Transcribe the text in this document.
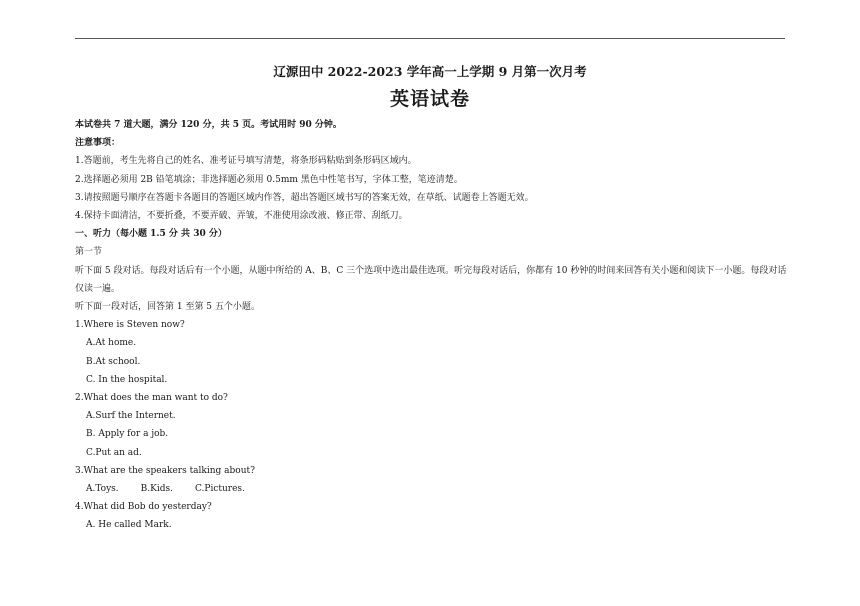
辽源田中 2022-2023 学年高一上学期 9 月第一次月考
英语试卷

本试卷共 7 道大题，满分 120 分，共 5 页。考试用时 90 分钟。

注意事项：

1.答题前，考生先将自己的姓名、准考证号填写清楚，将条形码粘贴到条形码区域内。

2.选择题必须用 2B 铅笔填涂；非选择题必须用 0.5mm 黑色中性笔书写，字体工整，笔迹清楚。

3.请按照题号顺序在答题卡各题目的答题区域内作答，超出答题区域书写的答案无效，在草纸、试题卷上答题无效。

4.保持卡面清洁，不要折叠，不要弄破、弄皱，不准使用涂改液、修正带、刮纸刀。

一、听力（每小题 1.5 分 共 30 分）

第一节

听下面 5 段对话。每段对话后有一个小题，从题中所给的 A、B、C 三个选项中选出最佳选项。听完每段对话后，你都有 10 秒钟的时间来回答有关小题和阅读下一小题。每段对话仅读一遍。

听下面一段对话，回答第 1 至第 5 五个小题。

1.Where is Steven now?

A.At home.

B.At school.

C. In the hospital.

2.What does the man want to do?

A.Surf the Internet.

B. Apply for a job.

C.Put an ad.

3.What are the speakers talking about?

A.Toys. B.Kids. C.Pictures.

4.What did Bob do yesterday?

A. He called Mark.
